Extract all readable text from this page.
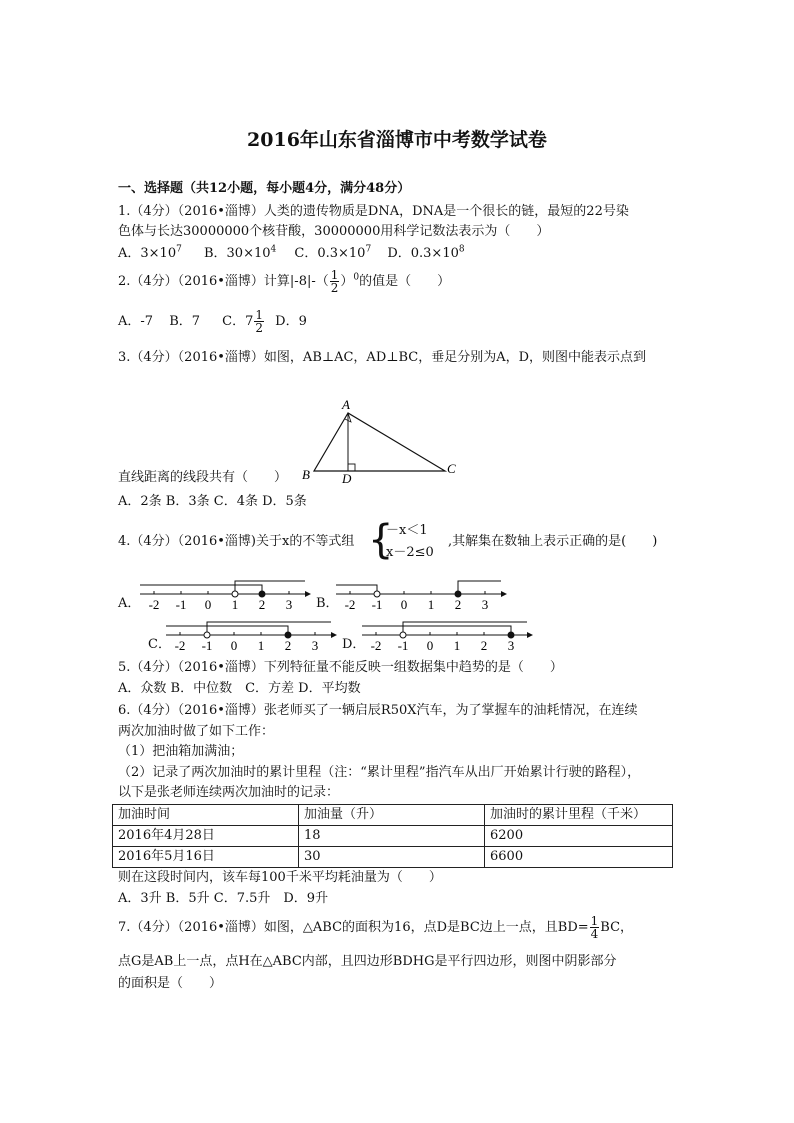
2016年山东省淄博市中考数学试卷
一、选择题（共12小题，每小题4分，满分48分）
1.（4分）（2016•淄博）人类的遗传物质是DNA，DNA是一个很长的链，最短的22号染
色体与长达30000000个核苷酸，30000000用科学记数法表示为（　　）
A．$3\times 10^7$ B．$30\times 10^4$ C．$0.3\times 10^7$ D．$0.3\times 10^8$
2.（4分）（2016•淄博）计算$|-8|-( \frac{1}{2} )^0$的值是（　　）
A．-7 B．7 C．$7 \frac{1}{2}$ D．9
3.（4分）（2016•淄博）如图，AB⊥AC，AD⊥BC，垂足分别为A，D，则图中能表示点到
A
B D
C
直线距离的线段共有（　　）
A．2条 B．3条 C．4条 D．5条
4.（4分）（2016•淄博)关于x的不等式组 {
－x＜1
x－2≤0
,其解集在数轴上表示正确的是(　　)
A．	B．
C．	D．
-2 -1 0 1 2 3	-2 -1 0 1 2 3
-2 -1 0 1 2 3	-2 -1 0 1 2 3
5.（4分）（2016•淄博）下列特征量不能反映一组数据集中趋势的是（　　）
A．众数 B．中位数　C．方差 D．平均数
6.（4分）（2016•淄博）张老师买了一辆启辰R50X汽车，为了掌握车的油耗情况，在连续
两次加油时做了如下工作：
（1）把油箱加满油；
（2）记录了两次加油时的累计里程（注：“累计里程”指汽车从出厂开始累计行驶的路程），
以下是张老师连续两次加油时的记录：
加油时间	加油量（升）	加油时的累计里程（千米）
2016年4月28日	18	6200
2016年5月16日	30	6600
则在这段时间内，该车每100千米平均耗油量为（　　）
A．3升 B．5升 C．7.5升　D．9升
7.（4分）（2016•淄博）如图，△ABC的面积为16，点D是BC边上一点，且$BD= \frac{1}{4}$ BC，
点G是AB上一点，点H在△ABC内部，且四边形BDHG是平行四边形，则图中阴影部分
的面积是（　　）
